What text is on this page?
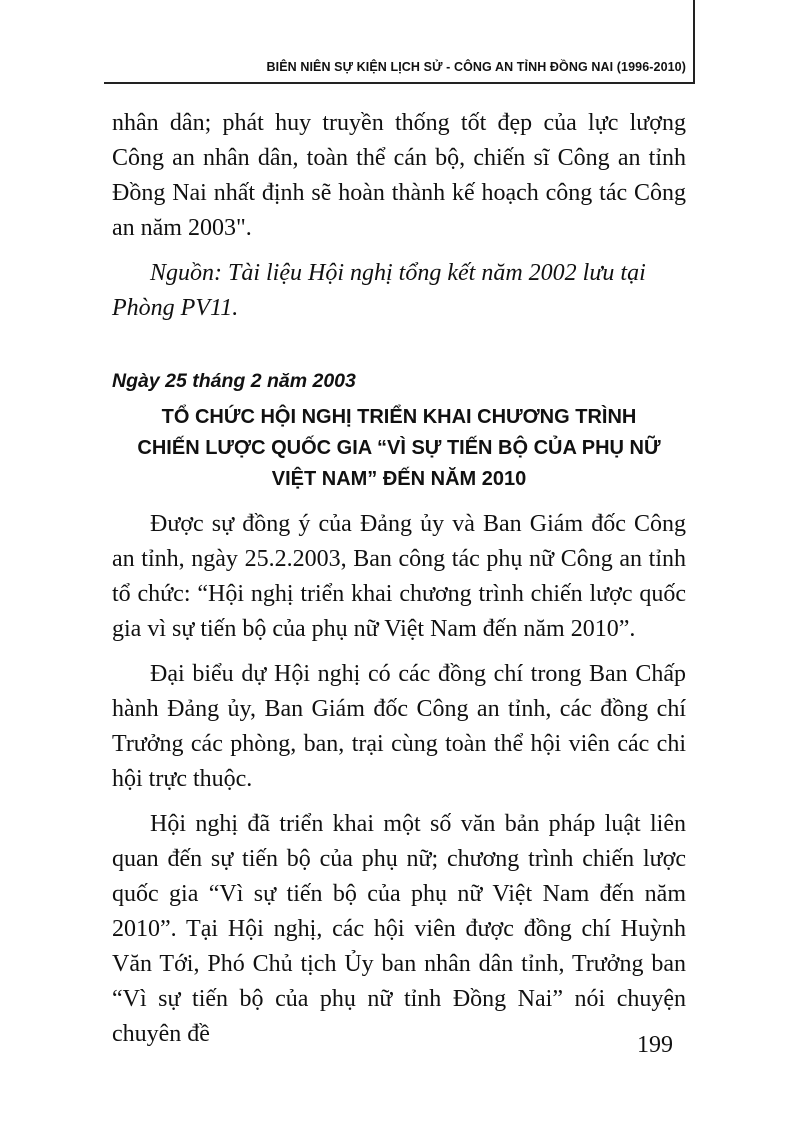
BIÊN NIÊN SỰ KIỆN LỊCH SỬ - CÔNG AN TỈNH ĐỒNG NAI (1996-2010)

nhân dân; phát huy truyền thống tốt đẹp của lực lượng Công an nhân dân, toàn thể cán bộ, chiến sĩ Công an tỉnh Đồng Nai nhất định sẽ hoàn thành kế hoạch công tác Công an năm 2003".

Nguồn: Tài liệu Hội nghị tổng kết năm 2002 lưu tại Phòng PV11.

Ngày 25 tháng 2 năm 2003
TỔ CHỨC HỘI NGHỊ TRIỂN KHAI CHƯƠNG TRÌNH
CHIẾN LƯỢC QUỐC GIA “VÌ SỰ TIẾN BỘ CỦA PHỤ NỮ
VIỆT NAM” ĐẾN NĂM 2010

Được sự đồng ý của Đảng ủy và Ban Giám đốc Công an tỉnh, ngày 25.2.2003, Ban công tác phụ nữ Công an tỉnh tổ chức: “Hội nghị triển khai chương trình chiến lược quốc gia vì sự tiến bộ của phụ nữ Việt Nam đến năm 2010”.

Đại biểu dự Hội nghị có các đồng chí trong Ban Chấp hành Đảng ủy, Ban Giám đốc Công an tỉnh, các đồng chí Trưởng các phòng, ban, trại cùng toàn thể hội viên các chi hội trực thuộc.

Hội nghị đã triển khai một số văn bản pháp luật liên quan đến sự tiến bộ của phụ nữ; chương trình chiến lược quốc gia “Vì sự tiến bộ của phụ nữ Việt Nam đến năm 2010”. Tại Hội nghị, các hội viên được đồng chí Huỳnh Văn Tới, Phó Chủ tịch Ủy ban nhân dân tỉnh, Trưởng ban “Vì sự tiến bộ của phụ nữ tỉnh Đồng Nai” nói chuyện chuyên đề	199
